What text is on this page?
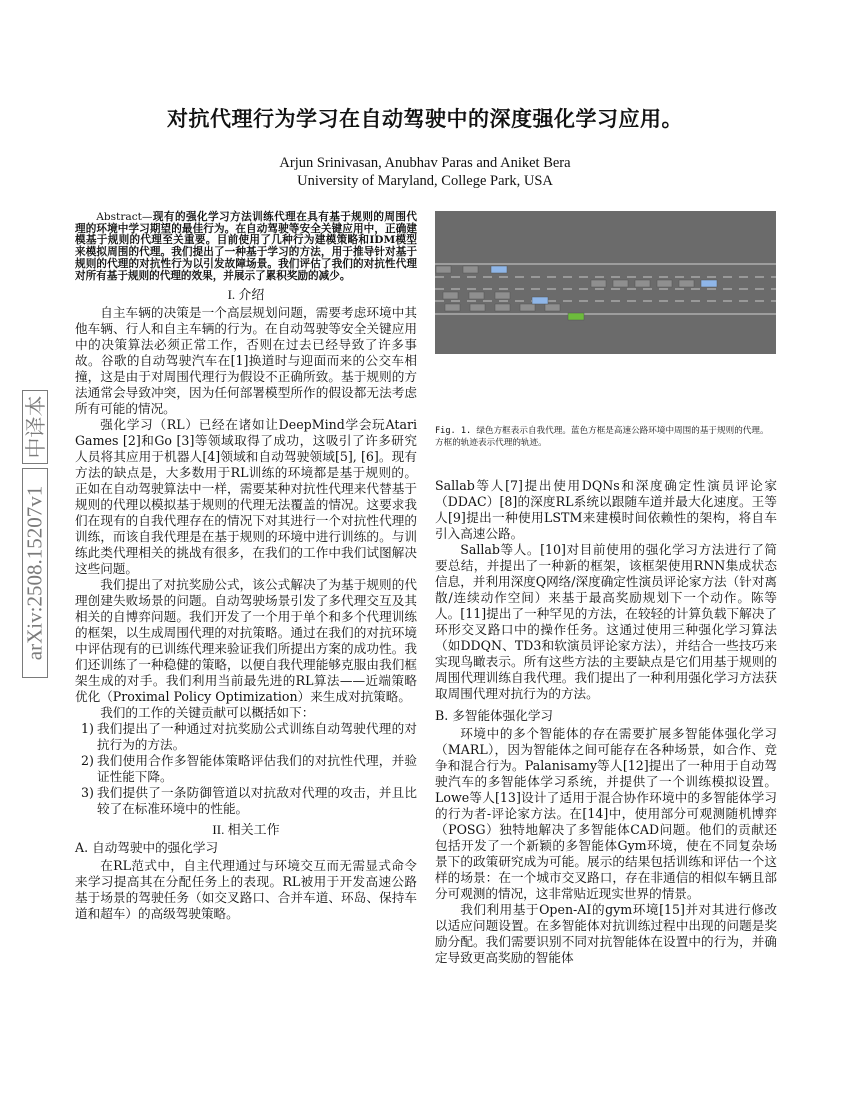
对抗代理行为学习在自动驾驶中的深度强化学习应用。
Arjun Srinivasan, Anubhav Paras and Aniket Bera
University of Maryland, College Park, USA
中译本
arXiv:2508.15207v1

Abstract—现有的强化学习方法训练代理在具有基于规则的周围代理的环境中学习期望的最佳行为。在自动驾驶等安全关键应用中，正确建模基于规则的代理至关重要。目前使用了几种行为建模策略和IDM模型来模拟周围的代理。我们提出了一种基于学习的方法，用于推导针对基于规则的代理的对抗性行为以引发故障场景。我们评估了我们的对抗性代理对所有基于规则的代理的效果，并展示了累积奖励的减少。

I. 介绍

自主车辆的决策是一个高层规划问题，需要考虑环境中其他车辆、行人和自主车辆的行为。在自动驾驶等安全关键应用中的决策算法必须正常工作，否则在过去已经导致了许多事故。谷歌的自动驾驶汽车在[1]换道时与迎面而来的公交车相撞，这是由于对周围代理行为假设不正确所致。基于规则的方法通常会导致冲突，因为任何部署模型所作的假设都无法考虑所有可能的情况。

强化学习（RL）已经在诸如让DeepMind学会玩Atari Games [2]和Go [3]等领域取得了成功，这吸引了许多研究人员将其应用于机器人[4]领域和自动驾驶领域[5], [6]。现有方法的缺点是，大多数用于RL训练的环境都是基于规则的。正如在自动驾驶算法中一样，需要某种对抗性代理来代替基于规则的代理以模拟基于规则的代理无法覆盖的情况。这要求我们在现有的自我代理存在的情况下对其进行一个对抗性代理的训练，而该自我代理是在基于规则的环境中进行训练的。与训练此类代理相关的挑战有很多，在我们的工作中我们试图解决这些问题。

我们提出了对抗奖励公式，该公式解决了为基于规则的代理创建失败场景的问题。自动驾驶场景引发了多代理交互及其相关的自博弈问题。我们开发了一个用于单个和多个代理训练的框架，以生成周围代理的对抗策略。通过在我们的对抗环境中评估现有的已训练代理来验证我们所提出方案的成功性。我们还训练了一种稳健的策略，以便自我代理能够克服由我们框架生成的对手。我们利用当前最先进的RL算法——近端策略优化（Proximal Policy Optimization）来生成对抗策略。

我们的工作的关键贡献可以概括如下：

1) 我们提出了一种通过对抗奖励公式训练自动驾驶代理的对抗行为的方法。
2) 我们使用合作多智能体策略评估我们的对抗性代理，并验证性能下降。
3) 我们提供了一条防御管道以对抗敌对代理的攻击，并且比较了在标准环境中的性能。
II. 相关工作
A. 自动驾驶中的强化学习

在RL范式中，自主代理通过与环境交互而无需显式命令来学习提高其在分配任务上的表现。RL被用于开发高速公路基于场景的驾驶任务（如交叉路口、合并车道、环岛、保持车道和超车）的高级驾驶策略。

Fig. 1. 绿色方框表示自我代理。蓝色方框是高速公路环境中周围的基于规则的代理。方框的轨迹表示代理的轨迹。

Sallab等人[7]提出使用DQNs和深度确定性演员评论家（DDAC）[8]的深度RL系统以跟随车道并最大化速度。王等人[9]提出一种使用LSTM来建模时间依赖性的架构，将自车引入高速公路。

Sallab等人。[10]对目前使用的强化学习方法进行了简要总结，并提出了一种新的框架，该框架使用RNN集成状态信息，并利用深度Q网络/深度确定性演员评论家方法（针对离散/连续动作空间）来基于最高奖励规划下一个动作。陈等人。[11]提出了一种罕见的方法，在较轻的计算负载下解决了环形交叉路口中的操作任务。这通过使用三种强化学习算法（如DDQN、TD3和软演员评论家方法），并结合一些技巧来实现鸟瞰表示。所有这些方法的主要缺点是它们用基于规则的周围代理训练自我代理。我们提出了一种利用强化学习方法获取周围代理对抗行为的方法。

B. 多智能体强化学习

环境中的多个智能体的存在需要扩展多智能体强化学习（MARL），因为智能体之间可能存在各种场景，如合作、竞争和混合行为。Palanisamy等人[12]提出了一种用于自动驾驶汽车的多智能体学习系统，并提供了一个训练模拟设置。Lowe等人[13]设计了适用于混合协作环境中的多智能体学习的行为者-评论家方法。在[14]中，使用部分可观测随机博弈（POSG）独特地解决了多智能体CAD问题。他们的贡献还包括开发了一个新颖的多智能体Gym环境，使在不同复杂场景下的政策研究成为可能。展示的结果包括训练和评估一个这样的场景：在一个城市交叉路口，存在非通信的相似车辆且部分可观测的情况，这非常贴近现实世界的情景。

我们利用基于Open-AI的gym环境[15]并对其进行修改以适应问题设置。在多智能体对抗训练过程中出现的问题是奖励分配。我们需要识别不同对抗智能体在设置中的行为，并确定导致更高奖励的智能体
